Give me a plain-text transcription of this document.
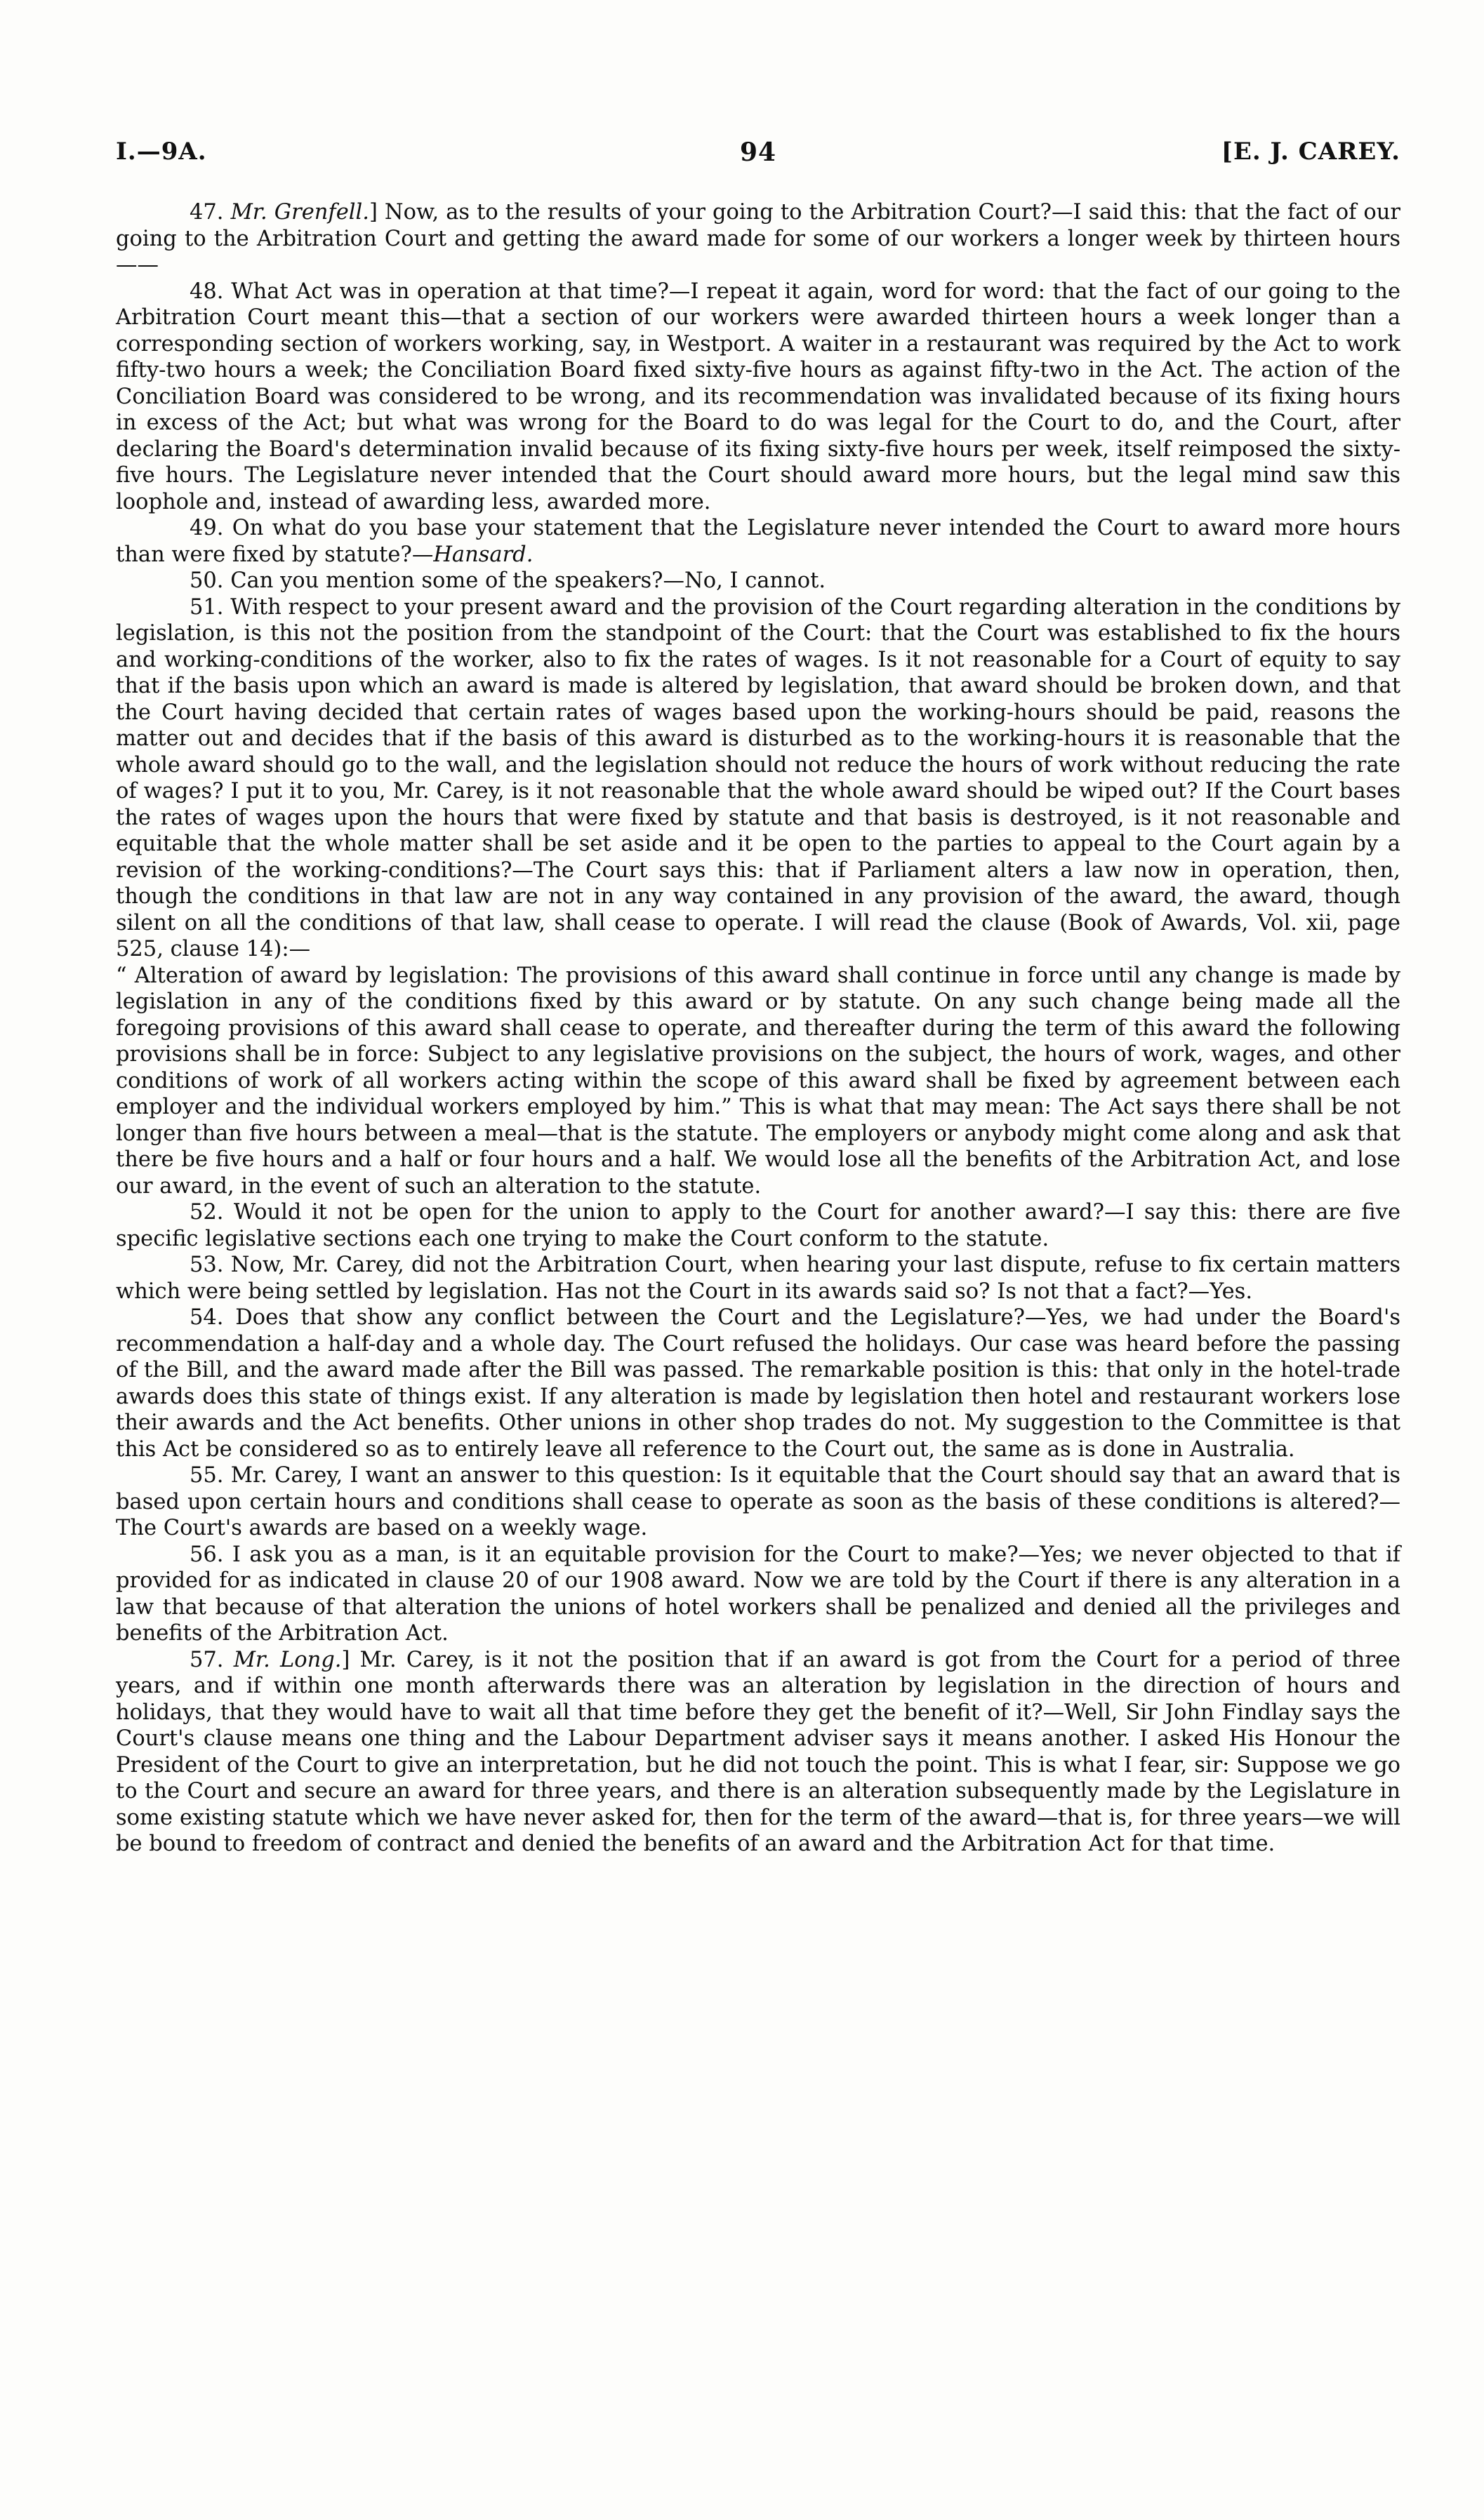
I.—9A.	94	[E. J. CAREY.

47. Mr. Grenfell.] Now, as to the results of your going to the Arbitration Court?—I said this: that the fact of our going to the Arbitration Court and getting the award made for some of our workers a longer week by thirteen hours——

48. What Act was in operation at that time?—I repeat it again, word for word: that the fact of our going to the Arbitration Court meant this—that a section of our workers were awarded thirteen hours a week longer than a corresponding section of workers working, say, in Westport. A waiter in a restaurant was required by the Act to work fifty-two hours a week; the Conciliation Board fixed sixty-five hours as against fifty-two in the Act. The action of the Conciliation Board was considered to be wrong, and its recommendation was invalidated because of its fixing hours in excess of the Act; but what was wrong for the Board to do was legal for the Court to do, and the Court, after declaring the Board's determination invalid because of its fixing sixty-five hours per week, itself reimposed the sixty-five hours. The Legislature never intended that the Court should award more hours, but the legal mind saw this loophole and, instead of awarding less, awarded more.

49. On what do you base your statement that the Legislature never intended the Court to award more hours than were fixed by statute?—Hansard.

50. Can you mention some of the speakers?—No, I cannot.

51. With respect to your present award and the provision of the Court regarding alteration in the conditions by legislation, is this not the position from the standpoint of the Court: that the Court was established to fix the hours and working-conditions of the worker, also to fix the rates of wages. Is it not reasonable for a Court of equity to say that if the basis upon which an award is made is altered by legislation, that award should be broken down, and that the Court having decided that certain rates of wages based upon the working-hours should be paid, reasons the matter out and decides that if the basis of this award is disturbed as to the working-hours it is reasonable that the whole award should go to the wall, and the legislation should not reduce the hours of work without reducing the rate of wages? I put it to you, Mr. Carey, is it not reasonable that the whole award should be wiped out? If the Court bases the rates of wages upon the hours that were fixed by statute and that basis is destroyed, is it not reasonable and equitable that the whole matter shall be set aside and it be open to the parties to appeal to the Court again by a revision of the working-conditions?—The Court says this: that if Parliament alters a law now in operation, then, though the conditions in that law are not in any way contained in any provision of the award, the award, though silent on all the conditions of that law, shall cease to operate. I will read the clause (Book of Awards, Vol. xii, page 525, clause 14):—

“ Alteration of award by legislation: The provisions of this award shall continue in force until any change is made by legislation in any of the conditions fixed by this award or by statute. On any such change being made all the foregoing provisions of this award shall cease to operate, and thereafter during the term of this award the following provisions shall be in force: Subject to any legislative provisions on the subject, the hours of work, wages, and other conditions of work of all workers acting within the scope of this award shall be fixed by agreement between each employer and the individual workers employed by him.” This is what that may mean: The Act says there shall be not longer than five hours between a meal—that is the statute. The employers or anybody might come along and ask that there be five hours and a half or four hours and a half. We would lose all the benefits of the Arbitration Act, and lose our award, in the event of such an alteration to the statute.

52. Would it not be open for the union to apply to the Court for another award?—I say this: there are five specific legislative sections each one trying to make the Court conform to the statute.

53. Now, Mr. Carey, did not the Arbitration Court, when hearing your last dispute, refuse to fix certain matters which were being settled by legislation. Has not the Court in its awards said so? Is not that a fact?—Yes.

54. Does that show any conflict between the Court and the Legislature?—Yes, we had under the Board's recommendation a half-day and a whole day. The Court refused the holidays. Our case was heard before the passing of the Bill, and the award made after the Bill was passed. The remarkable position is this: that only in the hotel-trade awards does this state of things exist. If any alteration is made by legislation then hotel and restaurant workers lose their awards and the Act benefits. Other unions in other shop trades do not. My suggestion to the Committee is that this Act be considered so as to entirely leave all reference to the Court out, the same as is done in Australia.

55. Mr. Carey, I want an answer to this question: Is it equitable that the Court should say that an award that is based upon certain hours and conditions shall cease to operate as soon as the basis of these conditions is altered?—The Court's awards are based on a weekly wage.

56. I ask you as a man, is it an equitable provision for the Court to make?—Yes; we never objected to that if provided for as indicated in clause 20 of our 1908 award. Now we are told by the Court if there is any alteration in a law that because of that alteration the unions of hotel workers shall be penalized and denied all the privileges and benefits of the Arbitration Act.

57. Mr. Long.] Mr. Carey, is it not the position that if an award is got from the Court for a period of three years, and if within one month afterwards there was an alteration by legislation in the direction of hours and holidays, that they would have to wait all that time before they get the benefit of it?—Well, Sir John Findlay says the Court's clause means one thing and the Labour Department adviser says it means another. I asked His Honour the President of the Court to give an interpretation, but he did not touch the point. This is what I fear, sir: Suppose we go to the Court and secure an award for three years, and there is an alteration subsequently made by the Legislature in some existing statute which we have never asked for, then for the term of the award—that is, for three years—we will be bound to freedom of contract and denied the benefits of an award and the Arbitration Act for that time.
